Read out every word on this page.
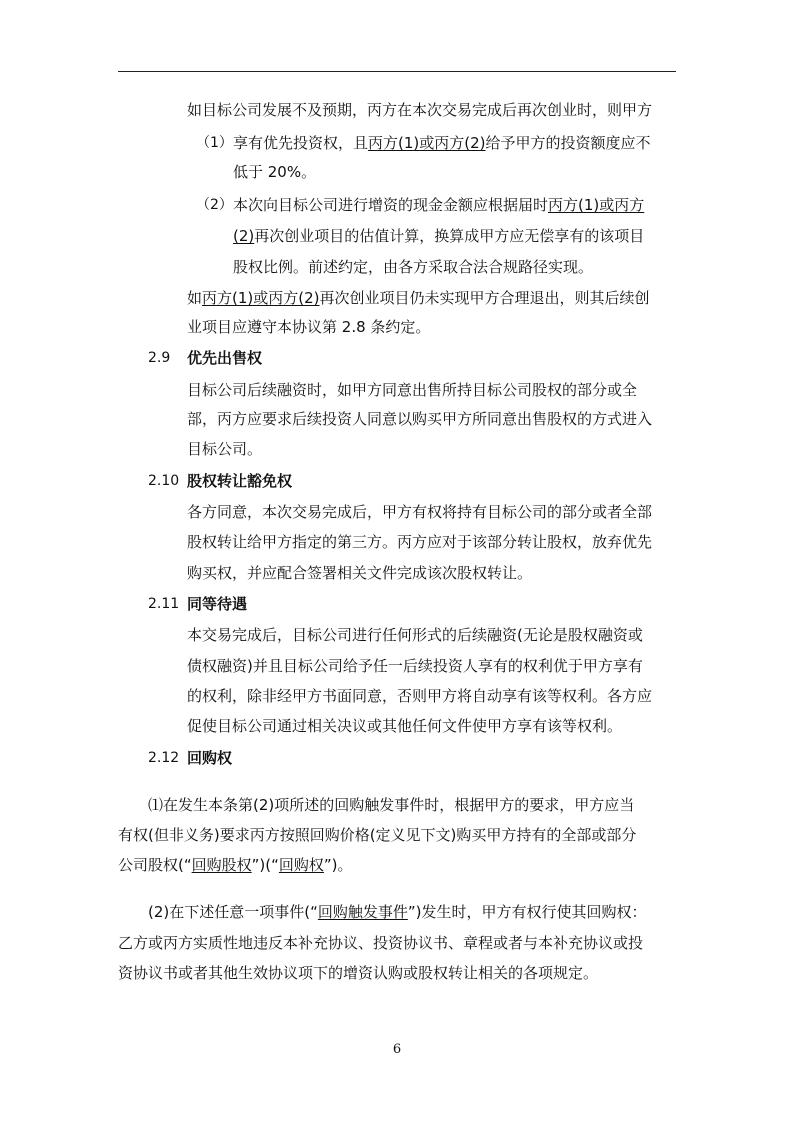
如目标公司发展不及预期，丙方在本次交易完成后再次创业时，则甲方
（1） 享有优先投资权，且丙方(1)或丙方(2)给予甲方的投资额度应不
低于 20%。
（2） 本次向目标公司进行增资的现金金额应根据届时丙方(1)或丙方
(2)再次创业项目的估值计算，换算成甲方应无偿享有的该项目
股权比例。前述约定，由各方采取合法合规路径实现。
如丙方(1)或丙方(2)再次创业项目仍未实现甲方合理退出，则其后续创
业项目应遵守本协议第 2.8 条约定。
2.9 优先出售权
目标公司后续融资时，如甲方同意出售所持目标公司股权的部分或全
部，丙方应要求后续投资人同意以购买甲方所同意出售股权的方式进入
目标公司。
2.10 股权转让豁免权
各方同意，本次交易完成后，甲方有权将持有目标公司的部分或者全部
股权转让给甲方指定的第三方。丙方应对于该部分转让股权，放弃优先
购买权，并应配合签署相关文件完成该次股权转让。
2.11 同等待遇
本交易完成后，目标公司进行任何形式的后续融资(无论是股权融资或
债权融资)并且目标公司给予任一后续投资人享有的权利优于甲方享有
的权利，除非经甲方书面同意，否则甲方将自动享有该等权利。各方应
促使目标公司通过相关决议或其他任何文件使甲方享有该等权利。
2.12 回购权
⑴在发生本条第(2)项所述的回购触发事件时，根据甲方的要求，甲方应当
有权(但非义务)要求丙方按照回购价格(定义见下文)购买甲方持有的全部或部分
公司股权(“回购股权”)(“回购权”)。
(2)在下述任意一项事件(“回购触发事件”)发生时，甲方有权行使其回购权：
乙方或丙方实质性地违反本补充协议、投资协议书、章程或者与本补充协议或投
资协议书或者其他生效协议项下的增资认购或股权转让相关的各项规定。
6
